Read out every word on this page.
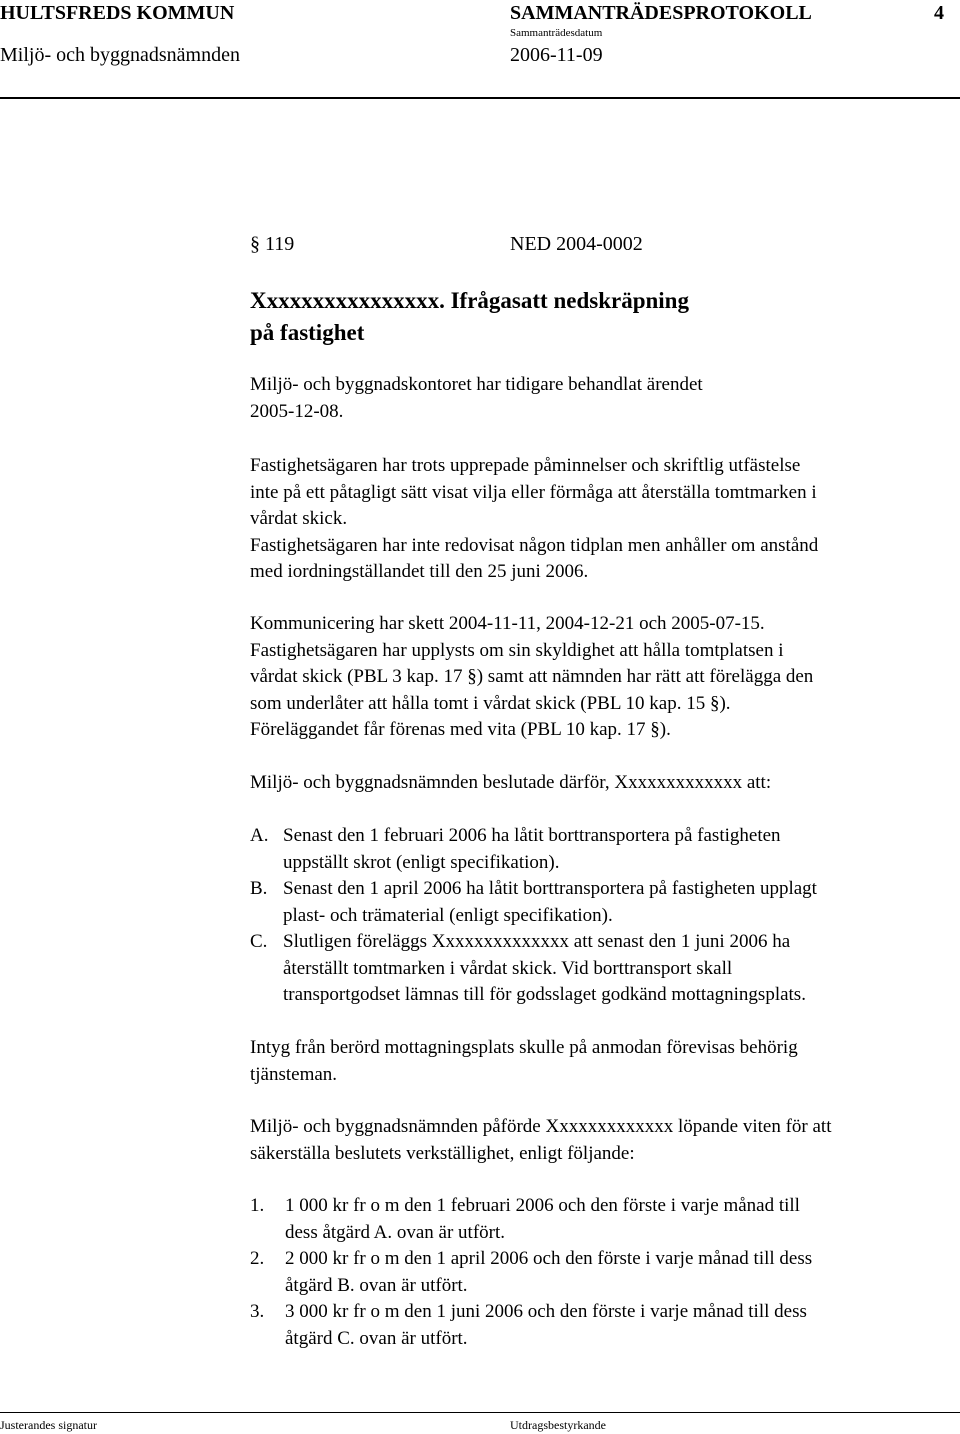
HULTSFREDS KOMMUN	SAMMANTRÄDESPROTOKOLL	4
Sammanträdesdatum
Miljö- och byggnadsnämnden	2006-11-09
§ 119	NED 2004-0002
Xxxxxxxxxxxxxxxx. Ifrågasatt nedskräpning
på fastighet
Miljö- och byggnadskontoret har tidigare behandlat ärendet
2005-12-08.
Fastighetsägaren har trots upprepade påminnelser och skriftlig utfästelse
inte på ett påtagligt sätt visat vilja eller förmåga att återställa tomtmarken i
vårdat skick.
Fastighetsägaren har inte redovisat någon tidplan men anhåller om anstånd
med iordningställandet till den 25 juni 2006.
Kommunicering har skett 2004-11-11, 2004-12-21 och 2005-07-15.
Fastighetsägaren har upplysts om sin skyldighet att hålla tomtplatsen i
vårdat skick (PBL 3 kap. 17 §) samt att nämnden har rätt att förelägga den
som underlåter att hålla tomt i vårdat skick (PBL 10 kap. 15 §).
Föreläggandet får förenas med vita (PBL 10 kap. 17 §).
Miljö- och byggnadsnämnden beslutade därför, Xxxxxxxxxxxxx att:
A. Senast den 1 februari 2006 ha låtit borttransportera på fastigheten
uppställt skrot (enligt specifikation).
B. Senast den 1 april 2006 ha låtit borttransportera på fastigheten upplagt
plast- och trämaterial (enligt specifikation).
C. Slutligen föreläggs Xxxxxxxxxxxxxx att senast den 1 juni 2006 ha
återställt tomtmarken i vårdat skick. Vid borttransport skall
transportgodset lämnas till för godsslaget godkänd mottagningsplats.
Intyg från berörd mottagningsplats skulle på anmodan förevisas behörig
tjänsteman.
Miljö- och byggnadsnämnden påförde Xxxxxxxxxxxxx löpande viten för att
säkerställa beslutets verkställighet, enligt följande:
1. 1 000 kr fr o m den 1 februari 2006 och den förste i varje månad till
dess åtgärd A. ovan är utfört.
2. 2 000 kr fr o m den 1 april 2006 och den förste i varje månad till dess
åtgärd B. ovan är utfört.
3. 3 000 kr fr o m den 1 juni 2006 och den förste i varje månad till dess
åtgärd C. ovan är utfört.
Justerandes signatur	Utdragsbestyrkande
